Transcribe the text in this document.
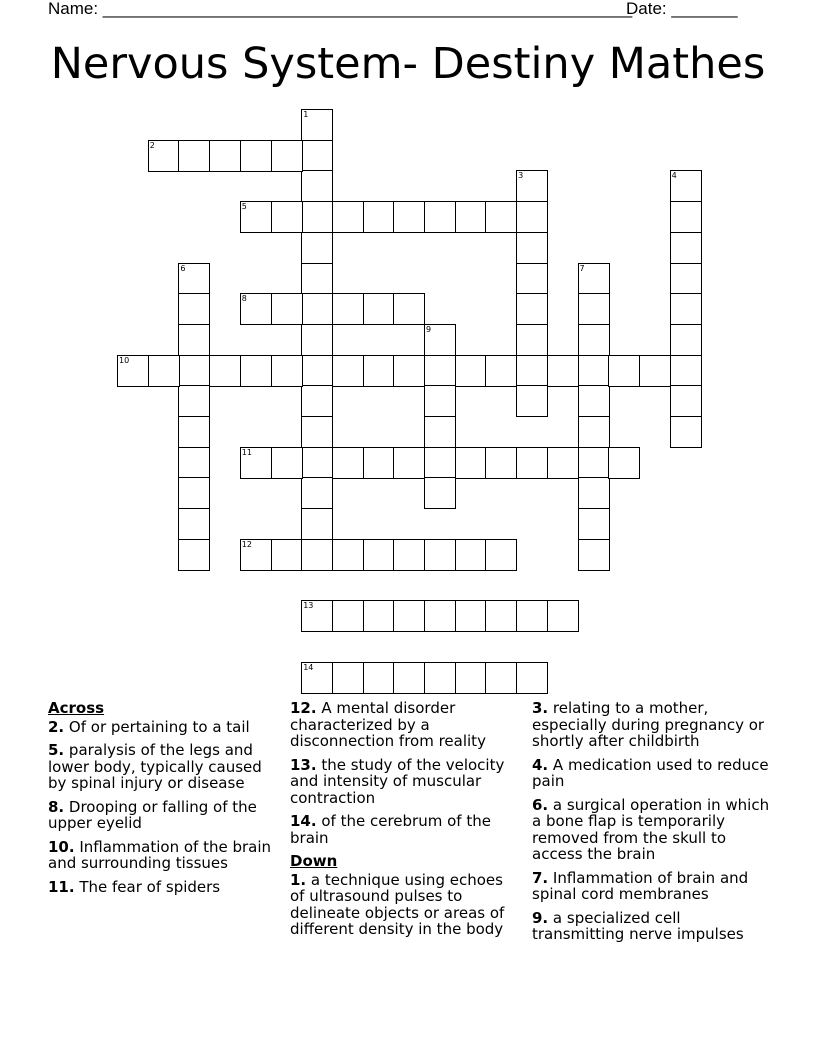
Name: ________________________________________________________
Date: _______
Nervous System- Destiny Mathes
1
2
3	4
5
6	7
8
9
10
11
12
13
14
Across
2. Of or pertaining to a tail
5. paralysis of the legs and lower body, typically caused by spinal injury or disease
8. Drooping or falling of the upper eyelid
10. Inflammation of the brain and surrounding tissues
11. The fear of spiders
12. A mental disorder characterized by a disconnection from reality
13. the study of the velocity and intensity of muscular contraction
14. of the cerebrum of the brain
Down
1. a technique using echoes of ultrasound pulses to delineate objects or areas of different density in the body
3. relating to a mother, especially during pregnancy or shortly after childbirth
4. A medication used to reduce pain
6. a surgical operation in which a bone flap is temporarily removed from the skull to access the brain
7. Inflammation of brain and spinal cord membranes
9. a specialized cell transmitting nerve impulses
